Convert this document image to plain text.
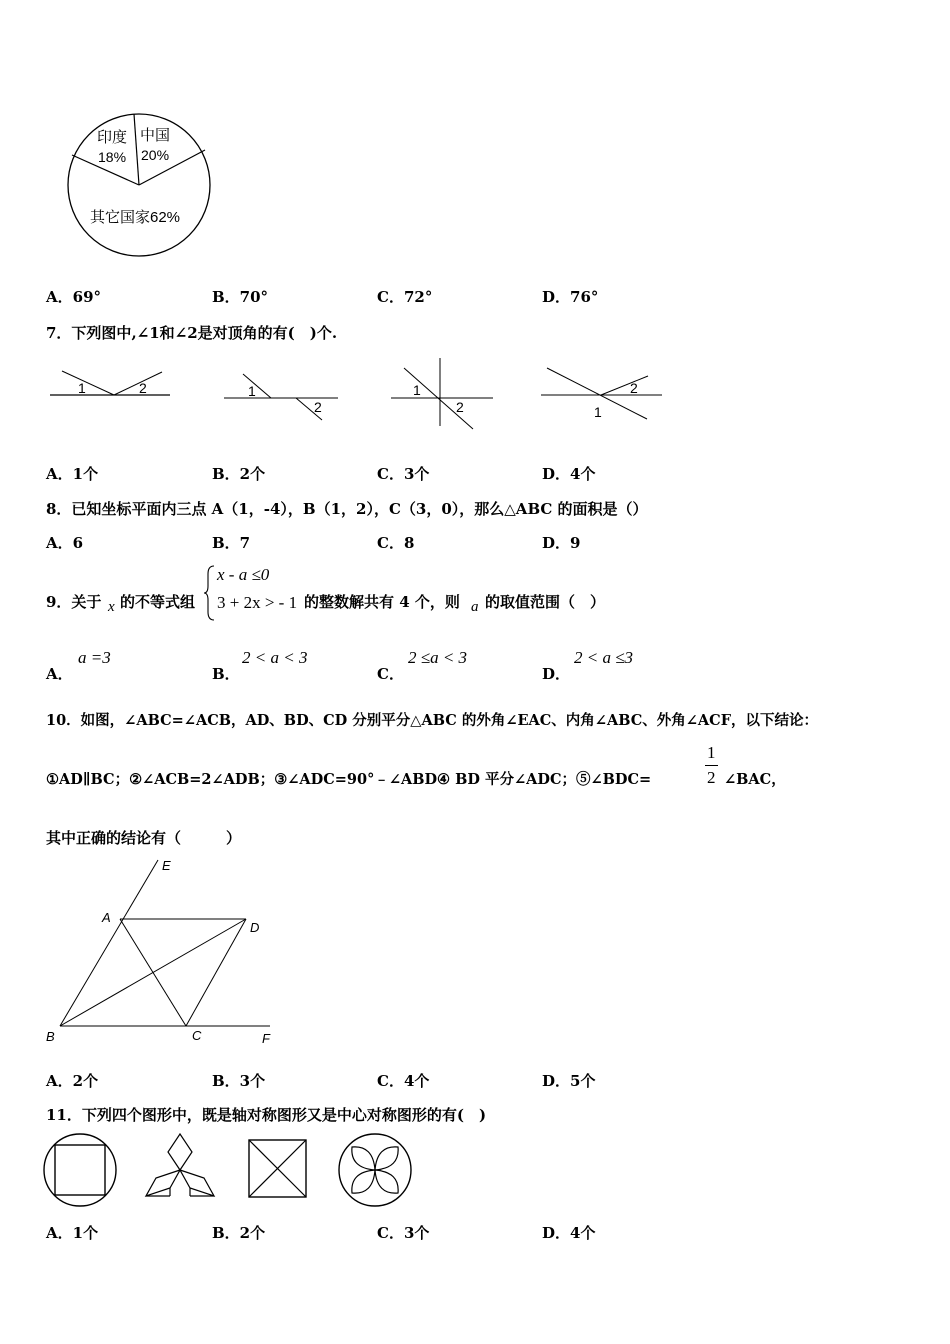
印度
18%
中国
20%
其它国家62%
A．69°	B．70°	C．72°	D．76°
7．下列图中,∠1和∠2是对顶角的有(　)个.
1	2	1
2
1
2
2
1
A．1个	B．2个	C．3个	D．4个
8．已知坐标平面内三点 A（1，-4），B（1，2），C（3，0），那么△ABC 的面积是（）
A．6	B．7	C．8	D．9
9．关于 x 的不等式组
x - a ≤0
3 + 2x > - 1 的整数解共有 4 个，则 a 的取值范围（　）
A．
a =3
B．
2 < a < 3
C．
2 ≤a < 3
D．
2 < a ≤3
10．如图，∠ABC=∠ACB，AD、BD、CD 分别平分△ABC 的外角∠EAC、内角∠ABC、外角∠ACF，以下结论：
①AD∥BC；②∠ACB=2∠ADB；③∠ADC=90°﹣∠ABD④ BD 平分∠ADC；⑤∠BDC=
1
2 ∠BAC，
其中正确的结论有（　　　）
E
A
D
B	C	F
A．2个	B．3个	C．4个	D．5个
11．下列四个图形中，既是轴对称图形又是中心对称图形的有(　)
A．1个	B．2个	C．3个	D．4个
